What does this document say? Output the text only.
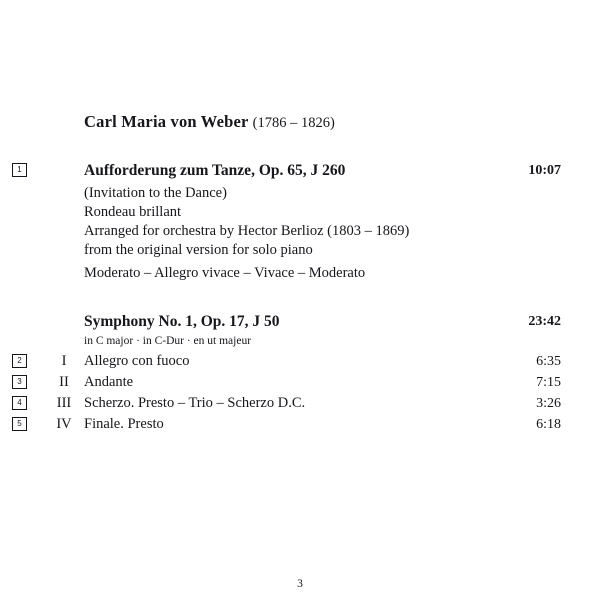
Carl Maria von Weber (1786 – 1826)
1	Aufforderung zum Tanze, Op. 65, J 260	10:07
(Invitation to the Dance)
Rondeau brillant
Arranged for orchestra by Hector Berlioz (1803 – 1869)
from the original version for solo piano
Moderato – Allegro vivace – Vivace – Moderato
Symphony No. 1, Op. 17, J 50	23:42
in C major · in C-Dur · en ut majeur
2	I	Allegro con fuoco	6:35
3	II	Andante	7:15
4	III Scherzo. Presto – Trio – Scherzo D.C.	3:26
5	IV Finale. Presto	6:18
3
